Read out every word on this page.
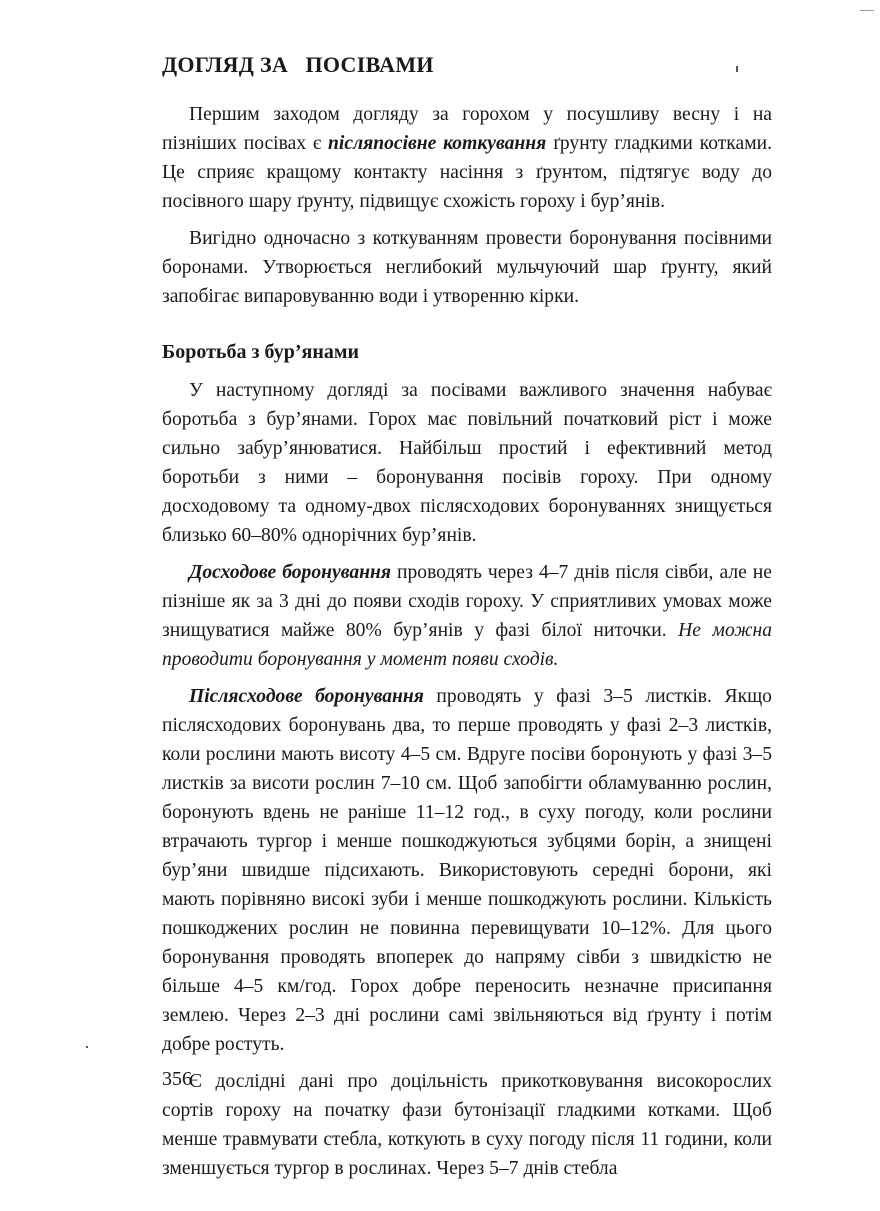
ДОГЛЯД ЗА   ПОСІВАМИ

Першим заходом догляду за горохом у посушливу весну і на пізніших посівах є післяпосівне коткування ґрунту гладкими котками. Це сприяє кращому контакту насіння з ґрунтом, підтягує воду до посівного шару ґрунту, підвищує схожість гороху і бур’янів.

Вигідно одночасно з коткуванням провести боронування посівними боронами. Утворюється неглибокий мульчуючий шар ґрунту, який запобігає випаровуванню води і утворенню кірки.

Боротьба з бур’янами

У наступному догляді за посівами важливого значення набуває боротьба з бур’янами. Горох має повільний початковий ріст і може сильно забур’янюватися. Найбільш простий і ефективний метод боротьби з ними – боронування посівів гороху. При одному досходовому та одному-двох післясходових боронуваннях знищується близько 60–80% однорічних бур’янів.

Досходове боронування проводять через 4–7 днів після сівби, але не пізніше як за 3 дні до появи сходів гороху. У сприятливих умовах може знищуватися майже 80% бур’янів у фазі білої ниточки. Не можна проводити боронування у момент появи сходів.

Післясходове боронування проводять у фазі 3–5 листків. Якщо післясходових боронувань два, то перше проводять у фазі 2–3 листків, коли рослини мають висоту 4–5 см. Вдруге посіви боронують у фазі 3–5 листків за висоти рослин 7–10 см. Щоб запобігти обламуванню рослин, боронують вдень не раніше 11–12 год., в суху погоду, коли рослини втрачають тургор і менше пошкоджуються зубцями борін, а знищені бур’яни швидше підсихають. Використовують середні борони, які мають порівняно високі зуби і менше пошкоджують рослини. Кількість пошкоджених рослин не повинна перевищувати 10–12%. Для цього боронування проводять впоперек до напряму сівби з швидкістю не більше 4–5 км/год. Горох добре переносить незначне присипання землею. Через 2–3 дні рослини самі звільняються від ґрунту і потім добре ростуть.

Є дослідні дані про доцільність прикотковування високорослих сортів гороху на початку фази бутонізації гладкими котками. Щоб менше травмувати стебла, коткують в суху погоду після 11 години, коли зменшується тургор в рослинах. Через 5–7 днів стебла

356
